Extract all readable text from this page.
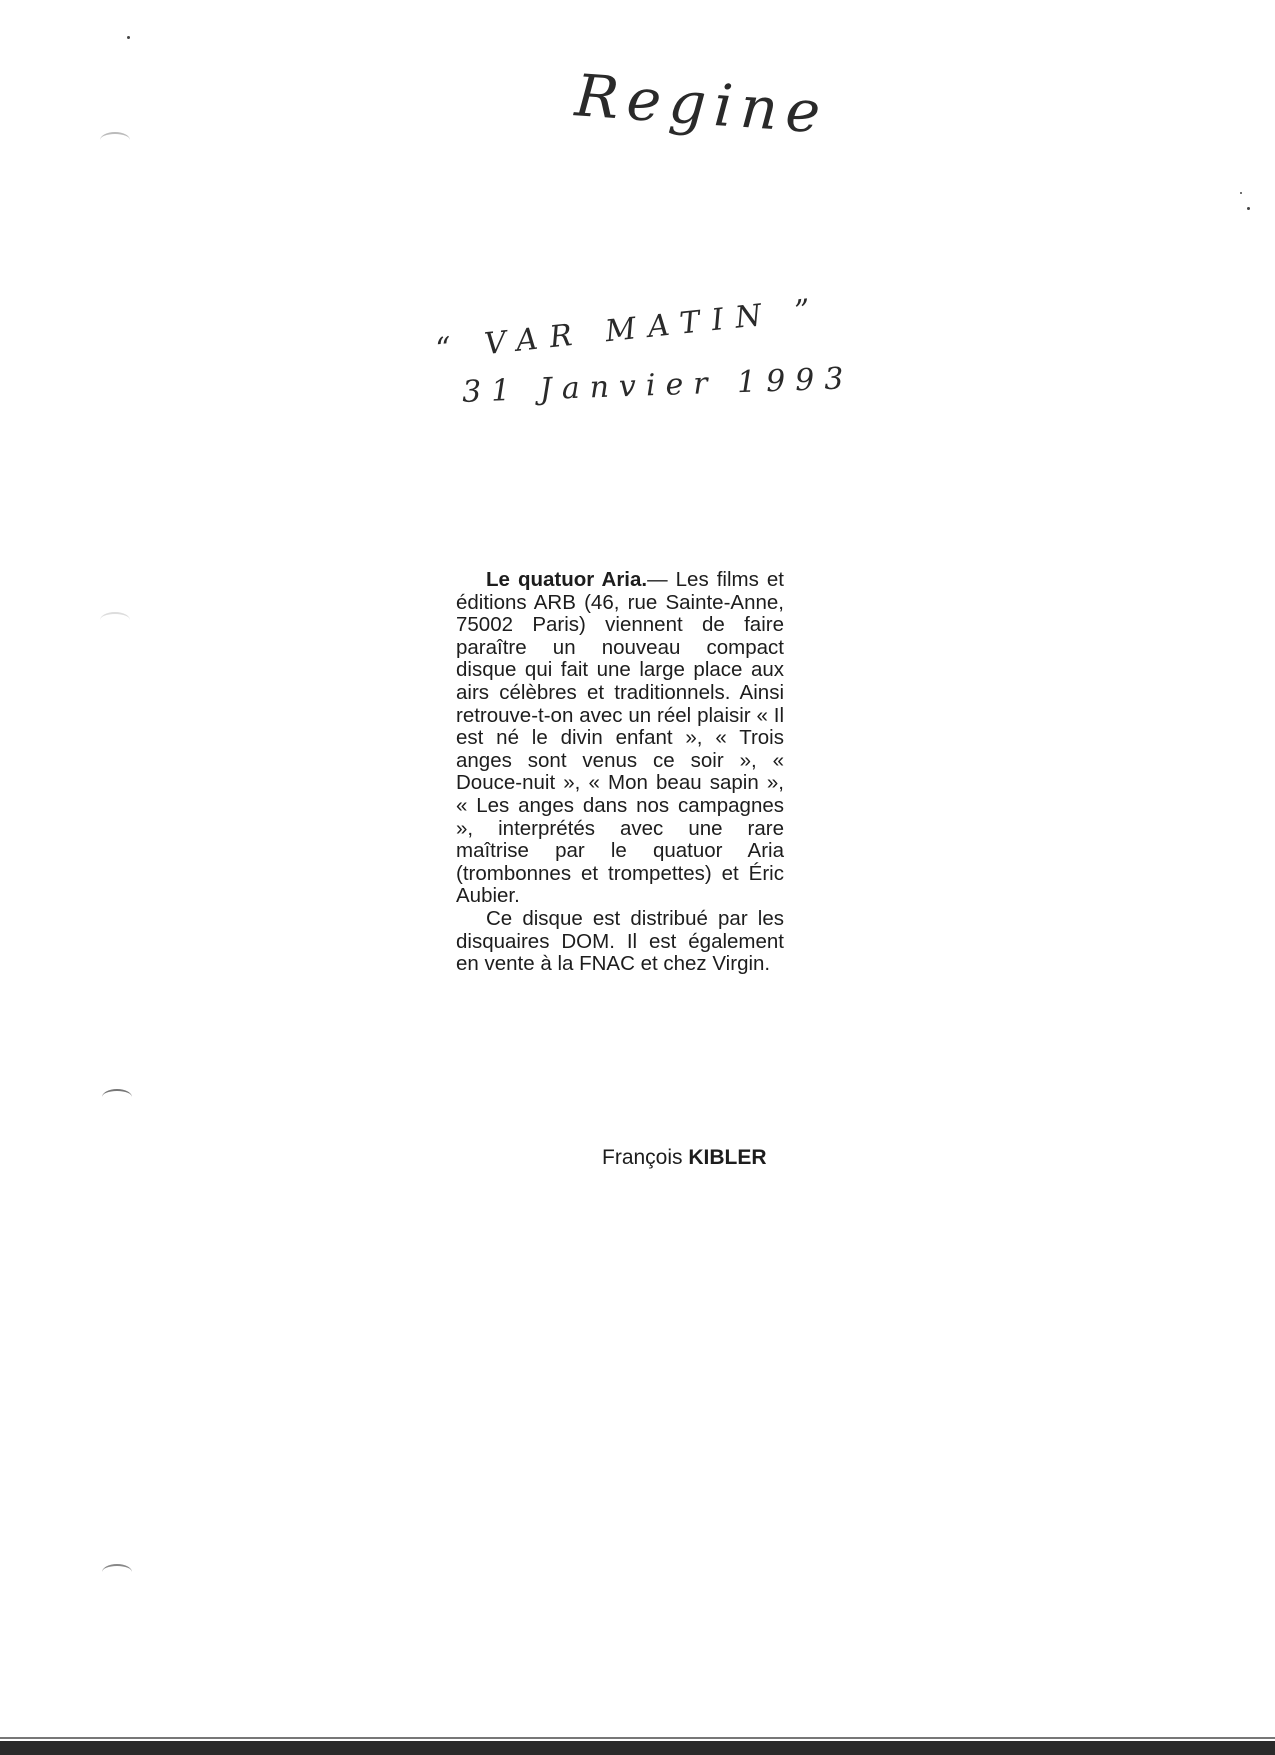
Regine
“ VAR MATIN ”
31 Janvier 1993

Le quatuor Aria.— Les films et éditions ARB (46, rue Sainte-Anne, 75002 Paris) viennent de faire paraître un nouveau compact disque qui fait une large place aux airs célèbres et traditionnels. Ainsi retrouve-t-on avec un réel plaisir « Il est né le divin enfant », « Trois anges sont venus ce soir », « Douce-nuit », « Mon beau sapin », « Les anges dans nos campagnes », interprétés avec une rare maîtrise par le quatuor Aria (trombonnes et trompettes) et Éric Aubier.

Ce disque est distribué par les disquaires DOM. Il est également en vente à la FNAC et chez Virgin.

François KIBLER
